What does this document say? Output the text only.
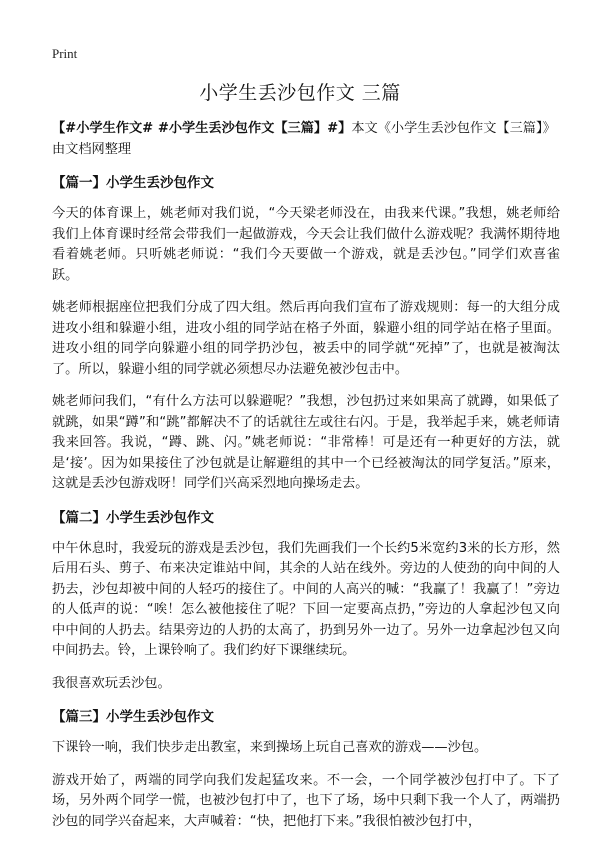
Print
小学生丢沙包作文 三篇

【#小学生作文# #小学生丢沙包作文【三篇】#】本文《小学生丢沙包作文【三篇】》由文档网整理

【篇一】小学生丢沙包作文

今天的体育课上，姚老师对我们说，“今天梁老师没在，由我来代课。”我想，姚老师给我们上体育课时经常会带我们一起做游戏，今天会让我们做什么游戏呢？我满怀期待地看着姚老师。只听姚老师说：“我们今天要做一个游戏，就是丢沙包。”同学们欢喜雀跃。

姚老师根据座位把我们分成了四大组。然后再向我们宣布了游戏规则：每一的大组分成进攻小组和躲避小组，进攻小组的同学站在格子外面，躲避小组的同学站在格子里面。进攻小组的同学向躲避小组的同学扔沙包，被丢中的同学就“死掉”了，也就是被淘汰了。所以，躲避小组的同学就必须想尽办法避免被沙包击中。

姚老师问我们，“有什么方法可以躲避呢？”我想，沙包扔过来如果高了就蹲，如果低了就跳，如果“蹲”和“跳”都解决不了的话就往左或往右闪。于是，我举起手来，姚老师请我来回答。我说，“蹲、跳、闪。”姚老师说：“非常棒！可是还有一种更好的方法，就是‘接’。因为如果接住了沙包就是让解避组的其中一个已经被淘汰的同学复活。”原来，这就是丢沙包游戏呀！同学们兴高采烈地向操场走去。

【篇二】小学生丢沙包作文

中午休息时，我爱玩的游戏是丢沙包，我们先画我们一个长约5米宽约3米的长方形，然后用石头、剪子、布来决定谁站中间，其余的人站在线外。旁边的人使劲的向中间的人扔去，沙包却被中间的人轻巧的接住了。中间的人高兴的喊：“我赢了！我赢了！”旁边的人低声的说：“唉！怎么被他接住了呢？下回一定要高点扔，”旁边的人拿起沙包又向中中间的人扔去。结果旁边的人扔的太高了，扔到另外一边了。另外一边拿起沙包又向中间扔去。铃，上课铃响了。我们约好下课继续玩。

我很喜欢玩丢沙包。

【篇三】小学生丢沙包作文

下课铃一响，我们快步走出教室，来到操场上玩自己喜欢的游戏——沙包。

游戏开始了，两端的同学向我们发起猛攻来。不一会，一个同学被沙包打中了。下了场，另外两个同学一慌，也被沙包打中了，也下了场，场中只剩下我一个人了，两端扔沙包的同学兴奋起来，大声喊着：“快，把他打下来。”我很怕被沙包打中，
